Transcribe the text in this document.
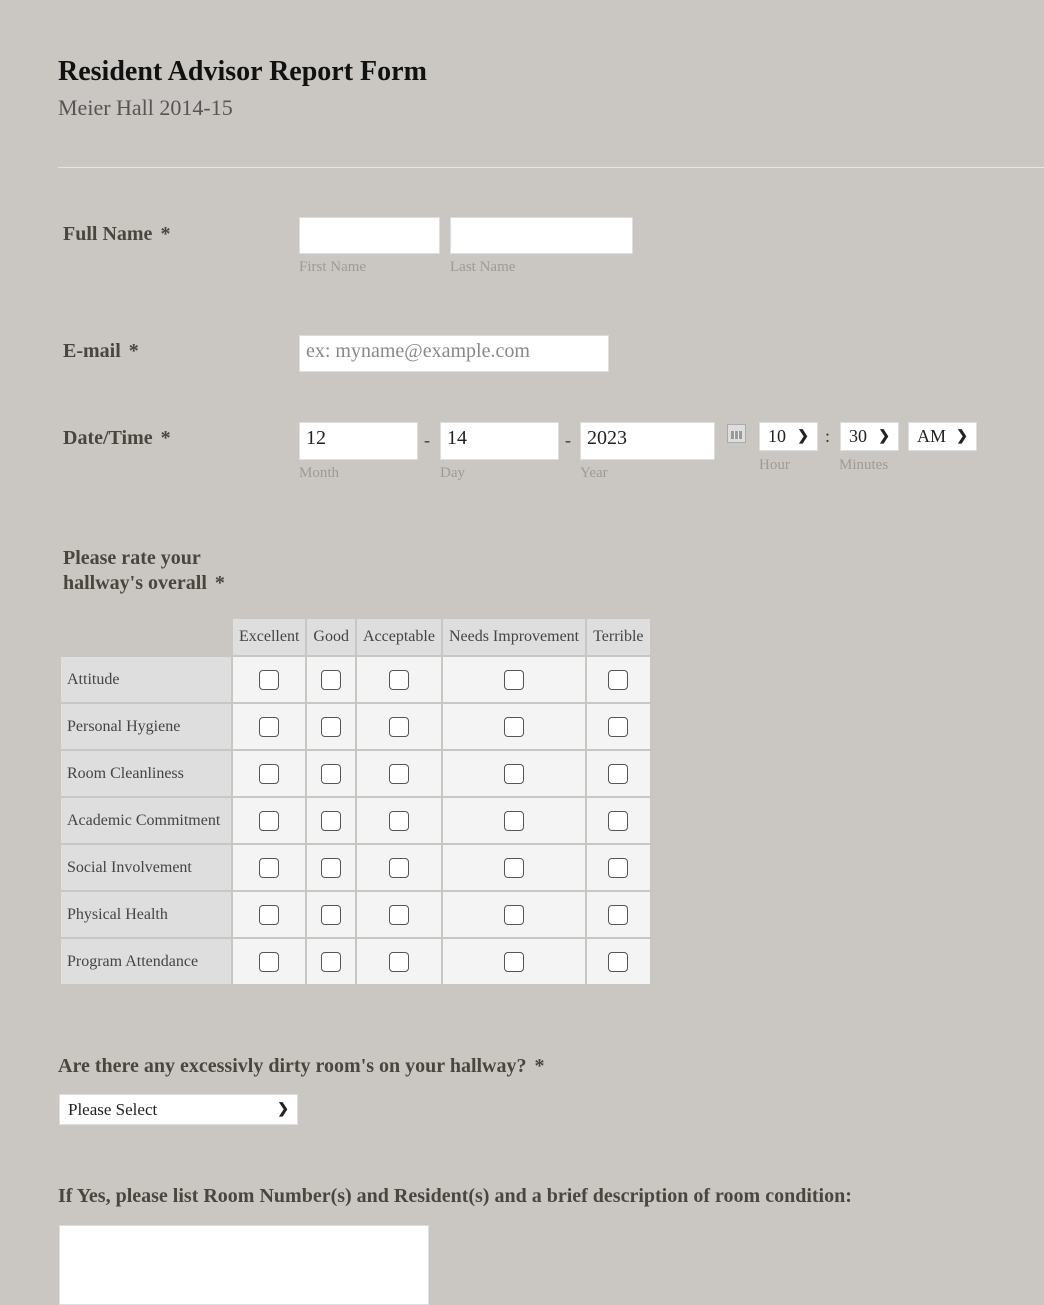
Resident Advisor Report Form
Meier Hall 2014-15
Full Name *
First Name	Last Name
E-mail *	ex: myname@example.com
Date/Time *	12	- 14	- 2023
Month	Day	Year
10 ❯ : 30 ❯ AM ❯
Hour	Minutes
Please rate your
hallway's overall *
	Excellent	Good	Acceptable	Needs Improvement	Terrible
Attitude					
Personal Hygiene					
Room Cleanliness					
Academic Commitment					
Social Involvement					
Physical Health					
Program Attendance					
Are there any excessivly dirty room's on your hallway? *
Please Select	❯
If Yes, please list Room Number(s) and Resident(s) and a brief description of room condition:
